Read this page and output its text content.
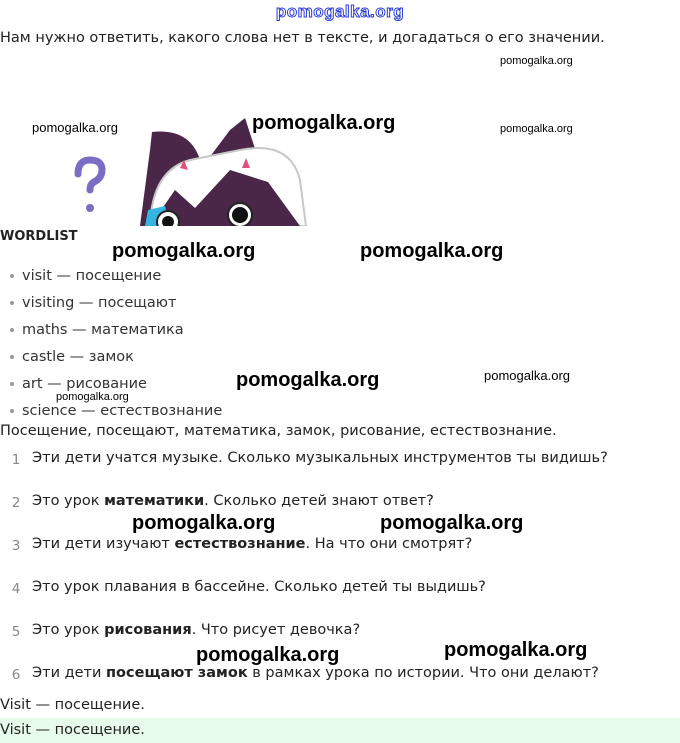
pomogalka.org
Нам нужно ответить, какого слова нет в тексте, и догадаться о его значении.
pomogalka.org
pomogalka.org
pomogalka.org	pomogalka.org
WORDLIST
pomogalka.org	pomogalka.org
visit — посещение
visiting — посещают
maths — математика
castle — замок
art — рисование
science — естествознание
pomogalka.org	pomogalka.org
pomogalka.org
Посещение, посещают, математика, замок, рисование, естествознание.
1 Эти дети учатся музыке. Сколько музыкальных инструментов ты видишь?
2 Это урок математики. Сколько детей знают ответ?
3 Эти дети изучают естествознание. На что они смотрят?
4 Это урок плавания в бассейне. Сколько детей ты выдишь?
5 Это урок рисования. Что рисует девочка?
6 Эти дети посещают замок в рамках урока по истории. Что они делают?
pomogalka.org	pomogalka.org
pomogalka.org	pomogalka.org
Visit — посещение.
Visit — посещение.
